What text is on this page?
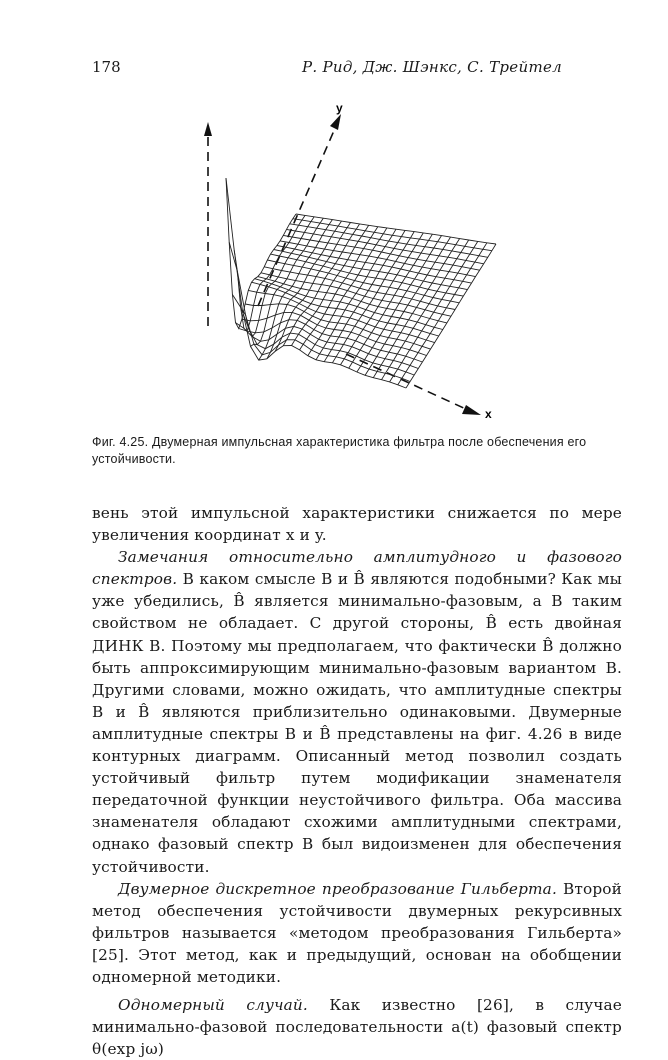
178	Р. Рид, Дж. Шэнкс, С. Трейтел
y
x
Фиг. 4.25. Двумерная импульсная характеристика фильтра после обеспечения его устойчивости.

вень этой импульсной характеристики снижается по мере увеличения координат x и y.

Замечания относительно амплитудного и фазового спектров. В каком смысле B и B̂ являются подобными? Как мы уже убедились, B̂ является минимально-фазовым, а B таким свойством не обладает. С другой стороны, B̂ есть двойная ДИНК B. Поэтому мы предполагаем, что фактически B̂ должно быть аппроксимирующим минимально-фазовым вариантом B. Другими словами, можно ожидать, что амплитудные спектры B и B̂ являются приблизительно одинаковыми. Двумерные амплитудные спектры B и B̂ представлены на фиг. 4.26 в виде контурных диаграмм. Описанный метод позволил создать устойчивый фильтр путем модификации знаменателя передаточной функции неустойчивого фильтра. Оба массива знаменателя обладают схожими амплитудными спектрами, однако фазовый спектр B был видоизменен для обеспечения устойчивости.

Двумерное дискретное преобразование Гильберта. Второй метод обеспечения устойчивости двумерных рекурсивных фильтров называется «методом преобразования Гильберта» [25]. Этот метод, как и предыдущий, основан на обобщении одномерной методики.

Одномерный случай. Как известно [26], в случае минимально-фазовой последовательности a(t) фазовый спектр θ(exp jω)
